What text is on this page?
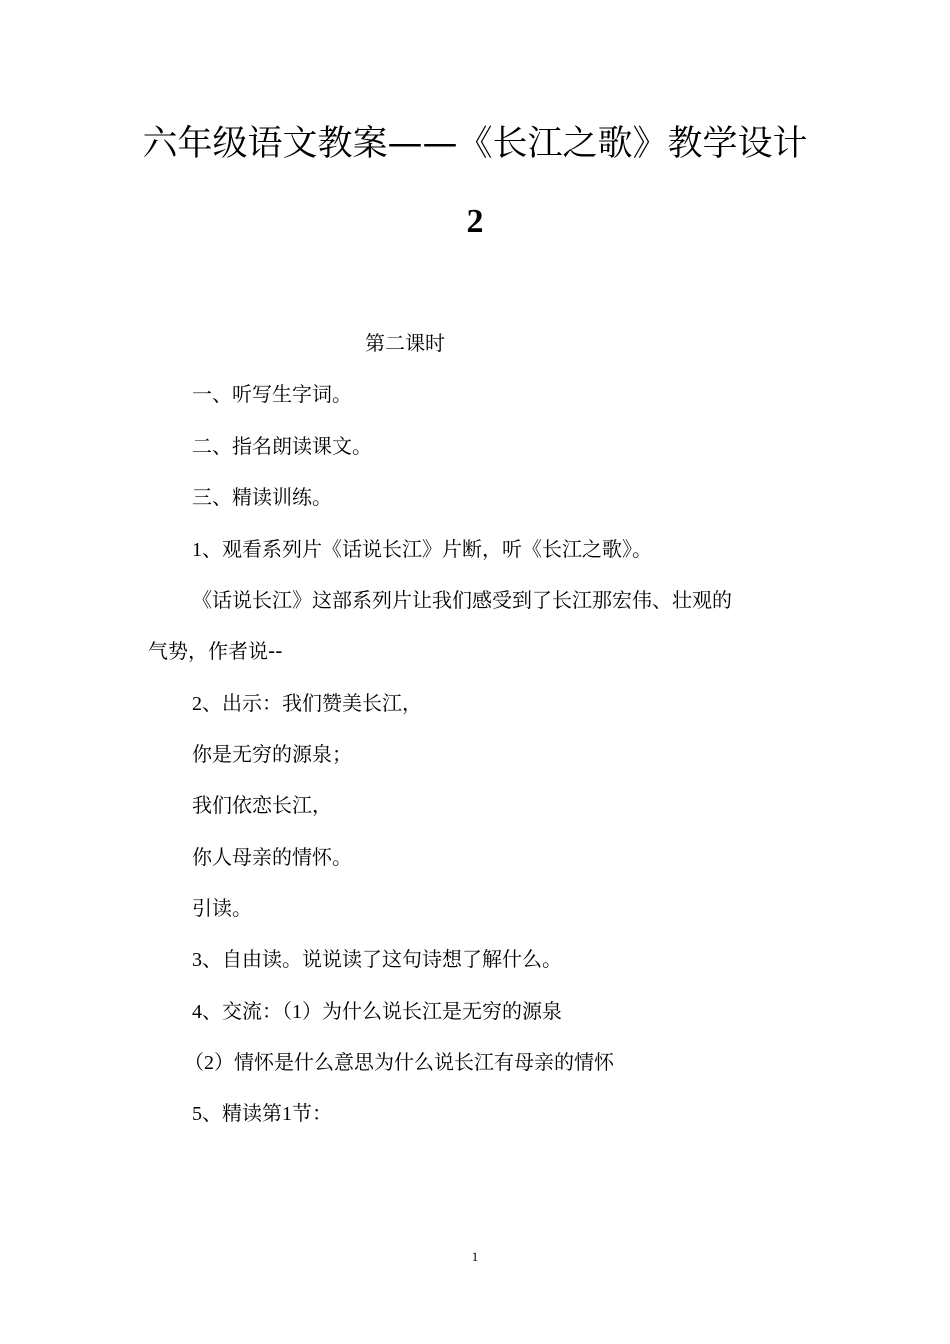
六年级语文教案——《长江之歌》教学设计
2

第二课时

一、听写生字词。

二、指名朗读课文。

三、精读训练。

1、观看系列片《话说长江》片断，听《长江之歌》。

《话说长江》这部系列片让我们感受到了长江那宏伟、壮观的

气势，作者说--

2、出示：我们赞美长江，

你是无穷的源泉；

我们依恋长江，

你人母亲的情怀。

引读。

3、自由读。说说读了这句诗想了解什么。

4、交流：（1）为什么说长江是无穷的源泉

（2）情怀是什么意思为什么说长江有母亲的情怀

5、精读第1节：

1
